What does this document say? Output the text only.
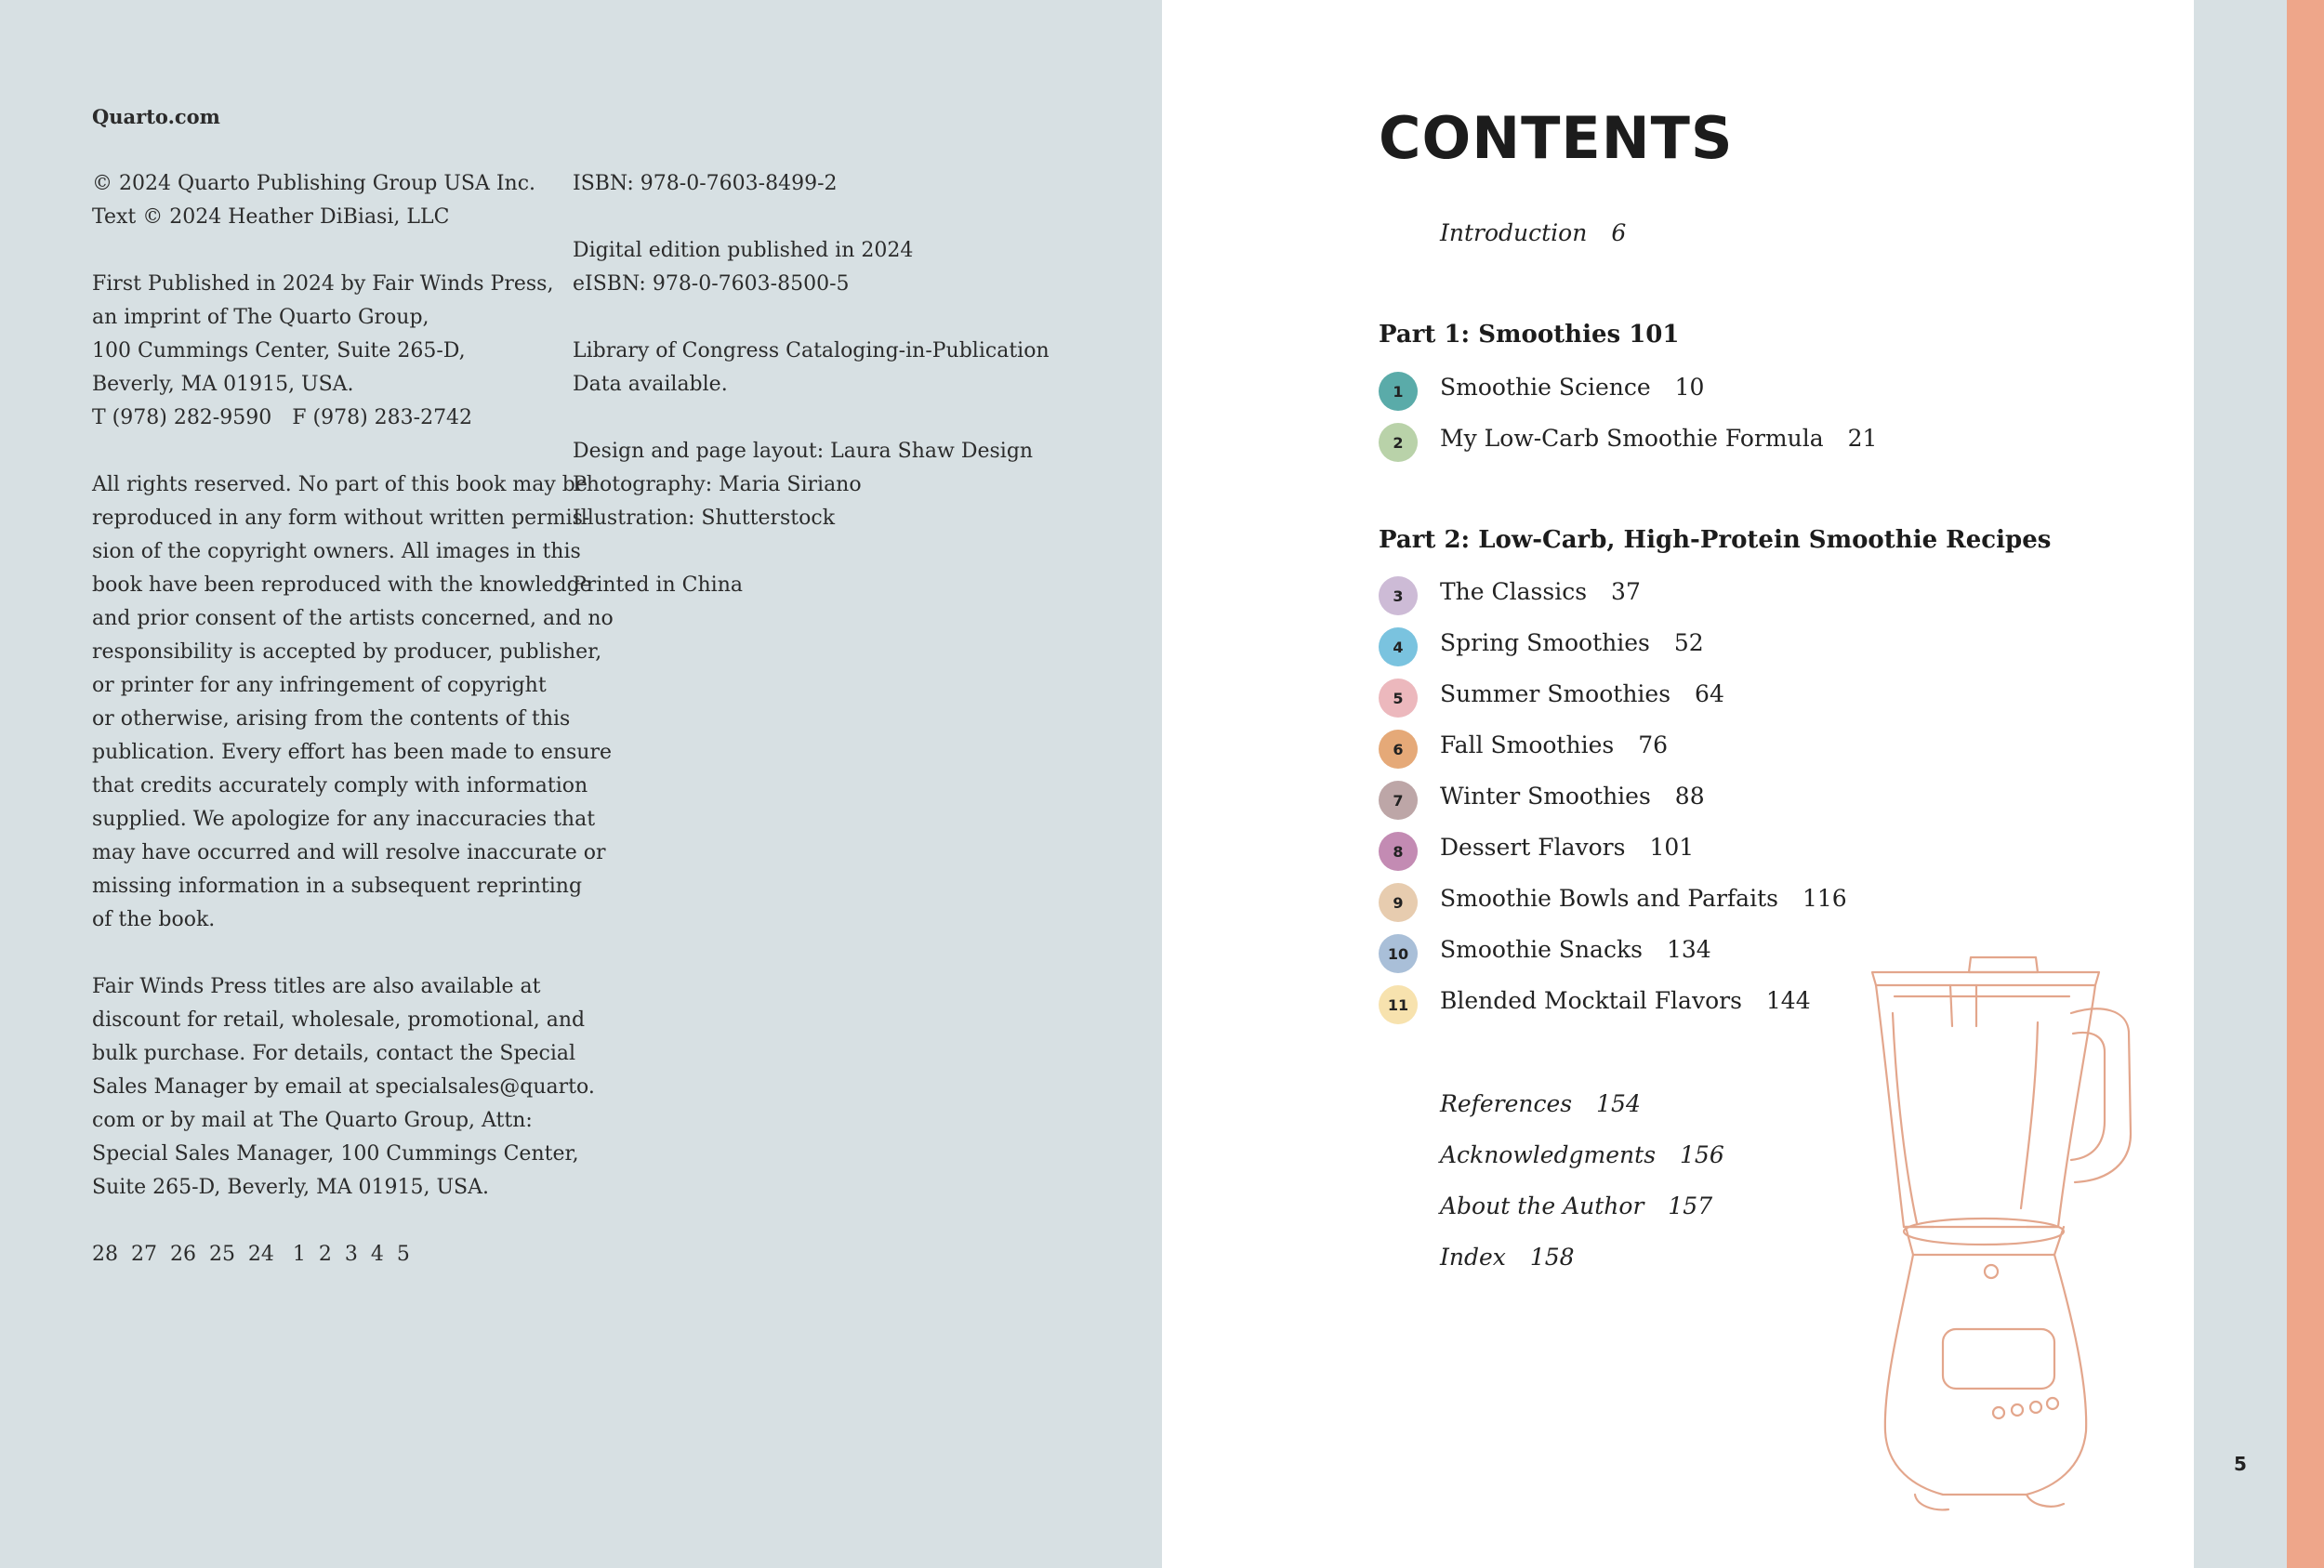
Quarto.com
© 2024 Quarto Publishing Group USA Inc.
Text © 2024 Heather DiBiasi, LLC
First Published in 2024 by Fair Winds Press,
an imprint of The Quarto Group,
100 Cummings Center, Suite 265-D,
Beverly, MA 01915, USA.
T (978) 282-9590 F (978) 283-2742
All rights reserved. No part of this book may be
reproduced in any form without written permis-
sion of the copyright owners. All images in this
book have been reproduced with the knowledge
and prior consent of the artists concerned, and no
responsibility is accepted by producer, publisher,
or printer for any infringement of copyright
or otherwise, arising from the contents of this
publication. Every effort has been made to ensure
that credits accurately comply with information
supplied. We apologize for any inaccuracies that
may have occurred and will resolve inaccurate or
missing information in a subsequent reprinting
of the book.
Fair Winds Press titles are also available at
discount for retail, wholesale, promotional, and
bulk purchase. For details, contact the Special
Sales Manager by email at specialsales@quarto.
com or by mail at The Quarto Group, Attn:
Special Sales Manager, 100 Cummings Center,
Suite 265-D, Beverly, MA 01915, USA.
28  27  26  25  24 1  2  3  4  5
ISBN: 978-0-7603-8499-2
Digital edition published in 2024
eISBN: 978-0-7603-8500-5
Library of Congress Cataloging-in-Publication
Data available.
Design and page layout: Laura Shaw Design
Photography: Maria Siriano
Illustration: Shutterstock
Printed in China
CONTENTS
Introduction 6
Part 1: Smoothies 101
1	Smoothie Science 10
2	My Low-Carb Smoothie Formula 21
Part 2: Low-Carb, High-Protein Smoothie Recipes
3	The Classics 37
4	Spring Smoothies 52
5	Summer Smoothies 64
6	Fall Smoothies 76
7	Winter Smoothies 88
8	Dessert Flavors 101
9	Smoothie Bowls and Parfaits 116
10	Smoothie Snacks 134
11	Blended Mocktail Flavors 144
References 154
Acknowledgments 156
About the Author 157
Index 158
5
